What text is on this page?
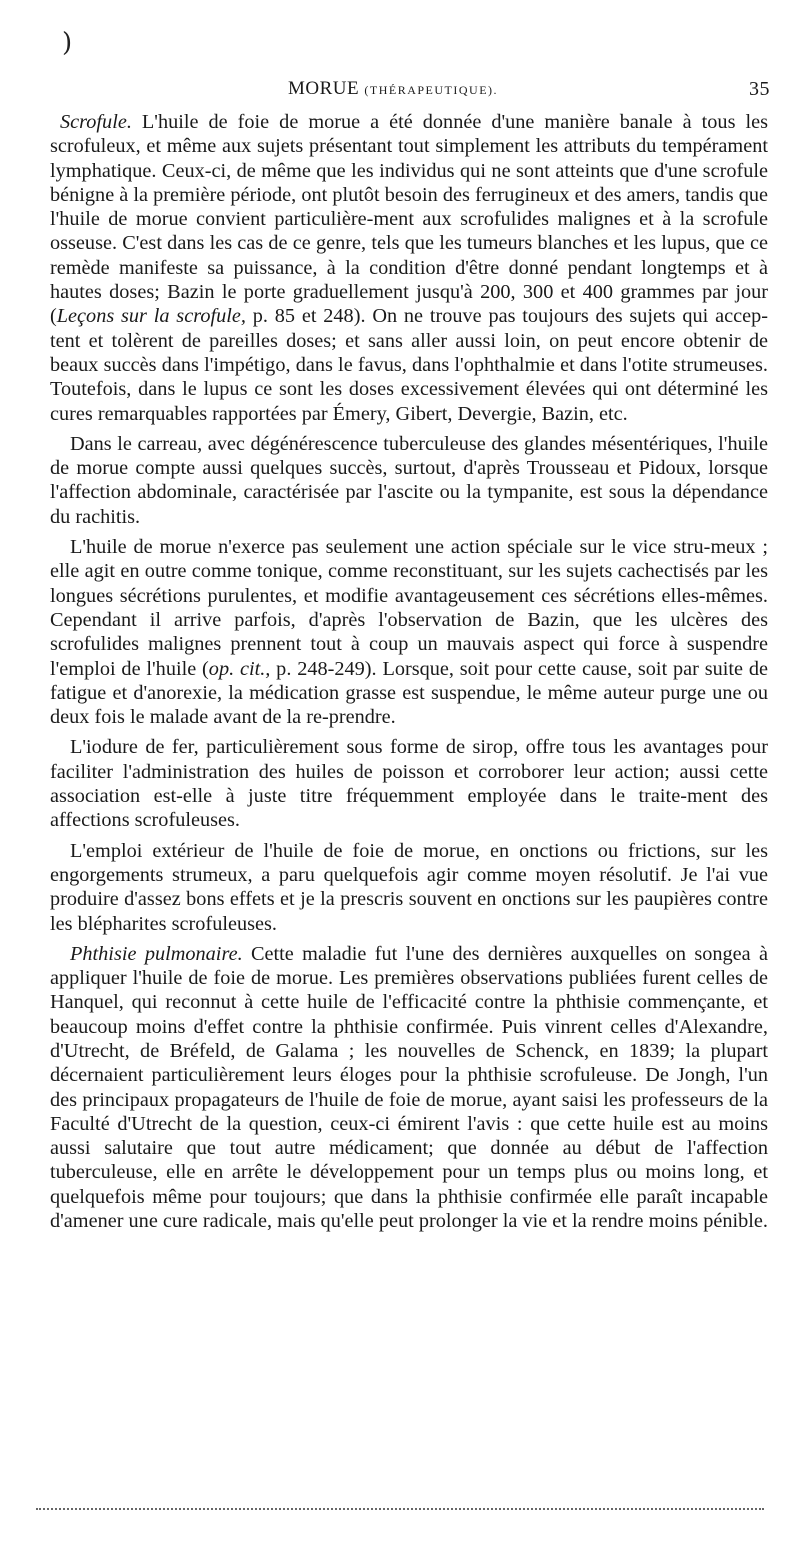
)
MORUE (THÉRAPEUTIQUE).	35

Scrofule. L'huile de foie de morue a été donnée d'une manière banale à tous les scrofuleux, et même aux sujets présentant tout simplement les attributs du tempérament lymphatique. Ceux-ci, de même que les individus qui ne sont atteints que d'une scrofule bénigne à la première période, ont plutôt besoin des ferrugineux et des amers, tandis que l'huile de morue convient particulière-ment aux scrofulides malignes et à la scrofule osseuse. C'est dans les cas de ce genre, tels que les tumeurs blanches et les lupus, que ce remède manifeste sa puissance, à la condition d'être donné pendant longtemps et à hautes doses; Bazin le porte graduellement jusqu'à 200, 300 et 400 grammes par jour (Leçons sur la scrofule, p. 85 et 248). On ne trouve pas toujours des sujets qui accep-tent et tolèrent de pareilles doses; et sans aller aussi loin, on peut encore obtenir de beaux succès dans l'impétigo, dans le favus, dans l'ophthalmie et dans l'otite strumeuses. Toutefois, dans le lupus ce sont les doses excessivement élevées qui ont déterminé les cures remarquables rapportées par Émery, Gibert, Devergie, Bazin, etc.

Dans le carreau, avec dégénérescence tuberculeuse des glandes mésentériques, l'huile de morue compte aussi quelques succès, surtout, d'après Trousseau et Pidoux, lorsque l'affection abdominale, caractérisée par l'ascite ou la tympanite, est sous la dépendance du rachitis.

L'huile de morue n'exerce pas seulement une action spéciale sur le vice stru-meux ; elle agit en outre comme tonique, comme reconstituant, sur les sujets cachectisés par les longues sécrétions purulentes, et modifie avantageusement ces sécrétions elles-mêmes. Cependant il arrive parfois, d'après l'observation de Bazin, que les ulcères des scrofulides malignes prennent tout à coup un mauvais aspect qui force à suspendre l'emploi de l'huile (op. cit., p. 248-249). Lorsque, soit pour cette cause, soit par suite de fatigue et d'anorexie, la médication grasse est suspendue, le même auteur purge une ou deux fois le malade avant de la re-prendre.

L'iodure de fer, particulièrement sous forme de sirop, offre tous les avantages pour faciliter l'administration des huiles de poisson et corroborer leur action; aussi cette association est-elle à juste titre fréquemment employée dans le traite-ment des affections scrofuleuses.

L'emploi extérieur de l'huile de foie de morue, en onctions ou frictions, sur les engorgements strumeux, a paru quelquefois agir comme moyen résolutif. Je l'ai vue produire d'assez bons effets et je la prescris souvent en onctions sur les paupières contre les blépharites scrofuleuses.

Phthisie pulmonaire. Cette maladie fut l'une des dernières auxquelles on songea à appliquer l'huile de foie de morue. Les premières observations publiées furent celles de Hanquel, qui reconnut à cette huile de l'efficacité contre la phthisie commençante, et beaucoup moins d'effet contre la phthisie confirmée. Puis vinrent celles d'Alexandre, d'Utrecht, de Bréfeld, de Galama ; les nouvelles de Schenck, en 1839; la plupart décernaient particulièrement leurs éloges pour la phthisie scrofuleuse. De Jongh, l'un des principaux propagateurs de l'huile de foie de morue, ayant saisi les professeurs de la Faculté d'Utrecht de la question, ceux-ci émirent l'avis : que cette huile est au moins aussi salutaire que tout autre médicament; que donnée au début de l'affection tuberculeuse, elle en arrête le développement pour un temps plus ou moins long, et quelquefois même pour toujours; que dans la phthisie confirmée elle paraît incapable d'amener une cure radicale, mais qu'elle peut prolonger la vie et la rendre moins pénible.
